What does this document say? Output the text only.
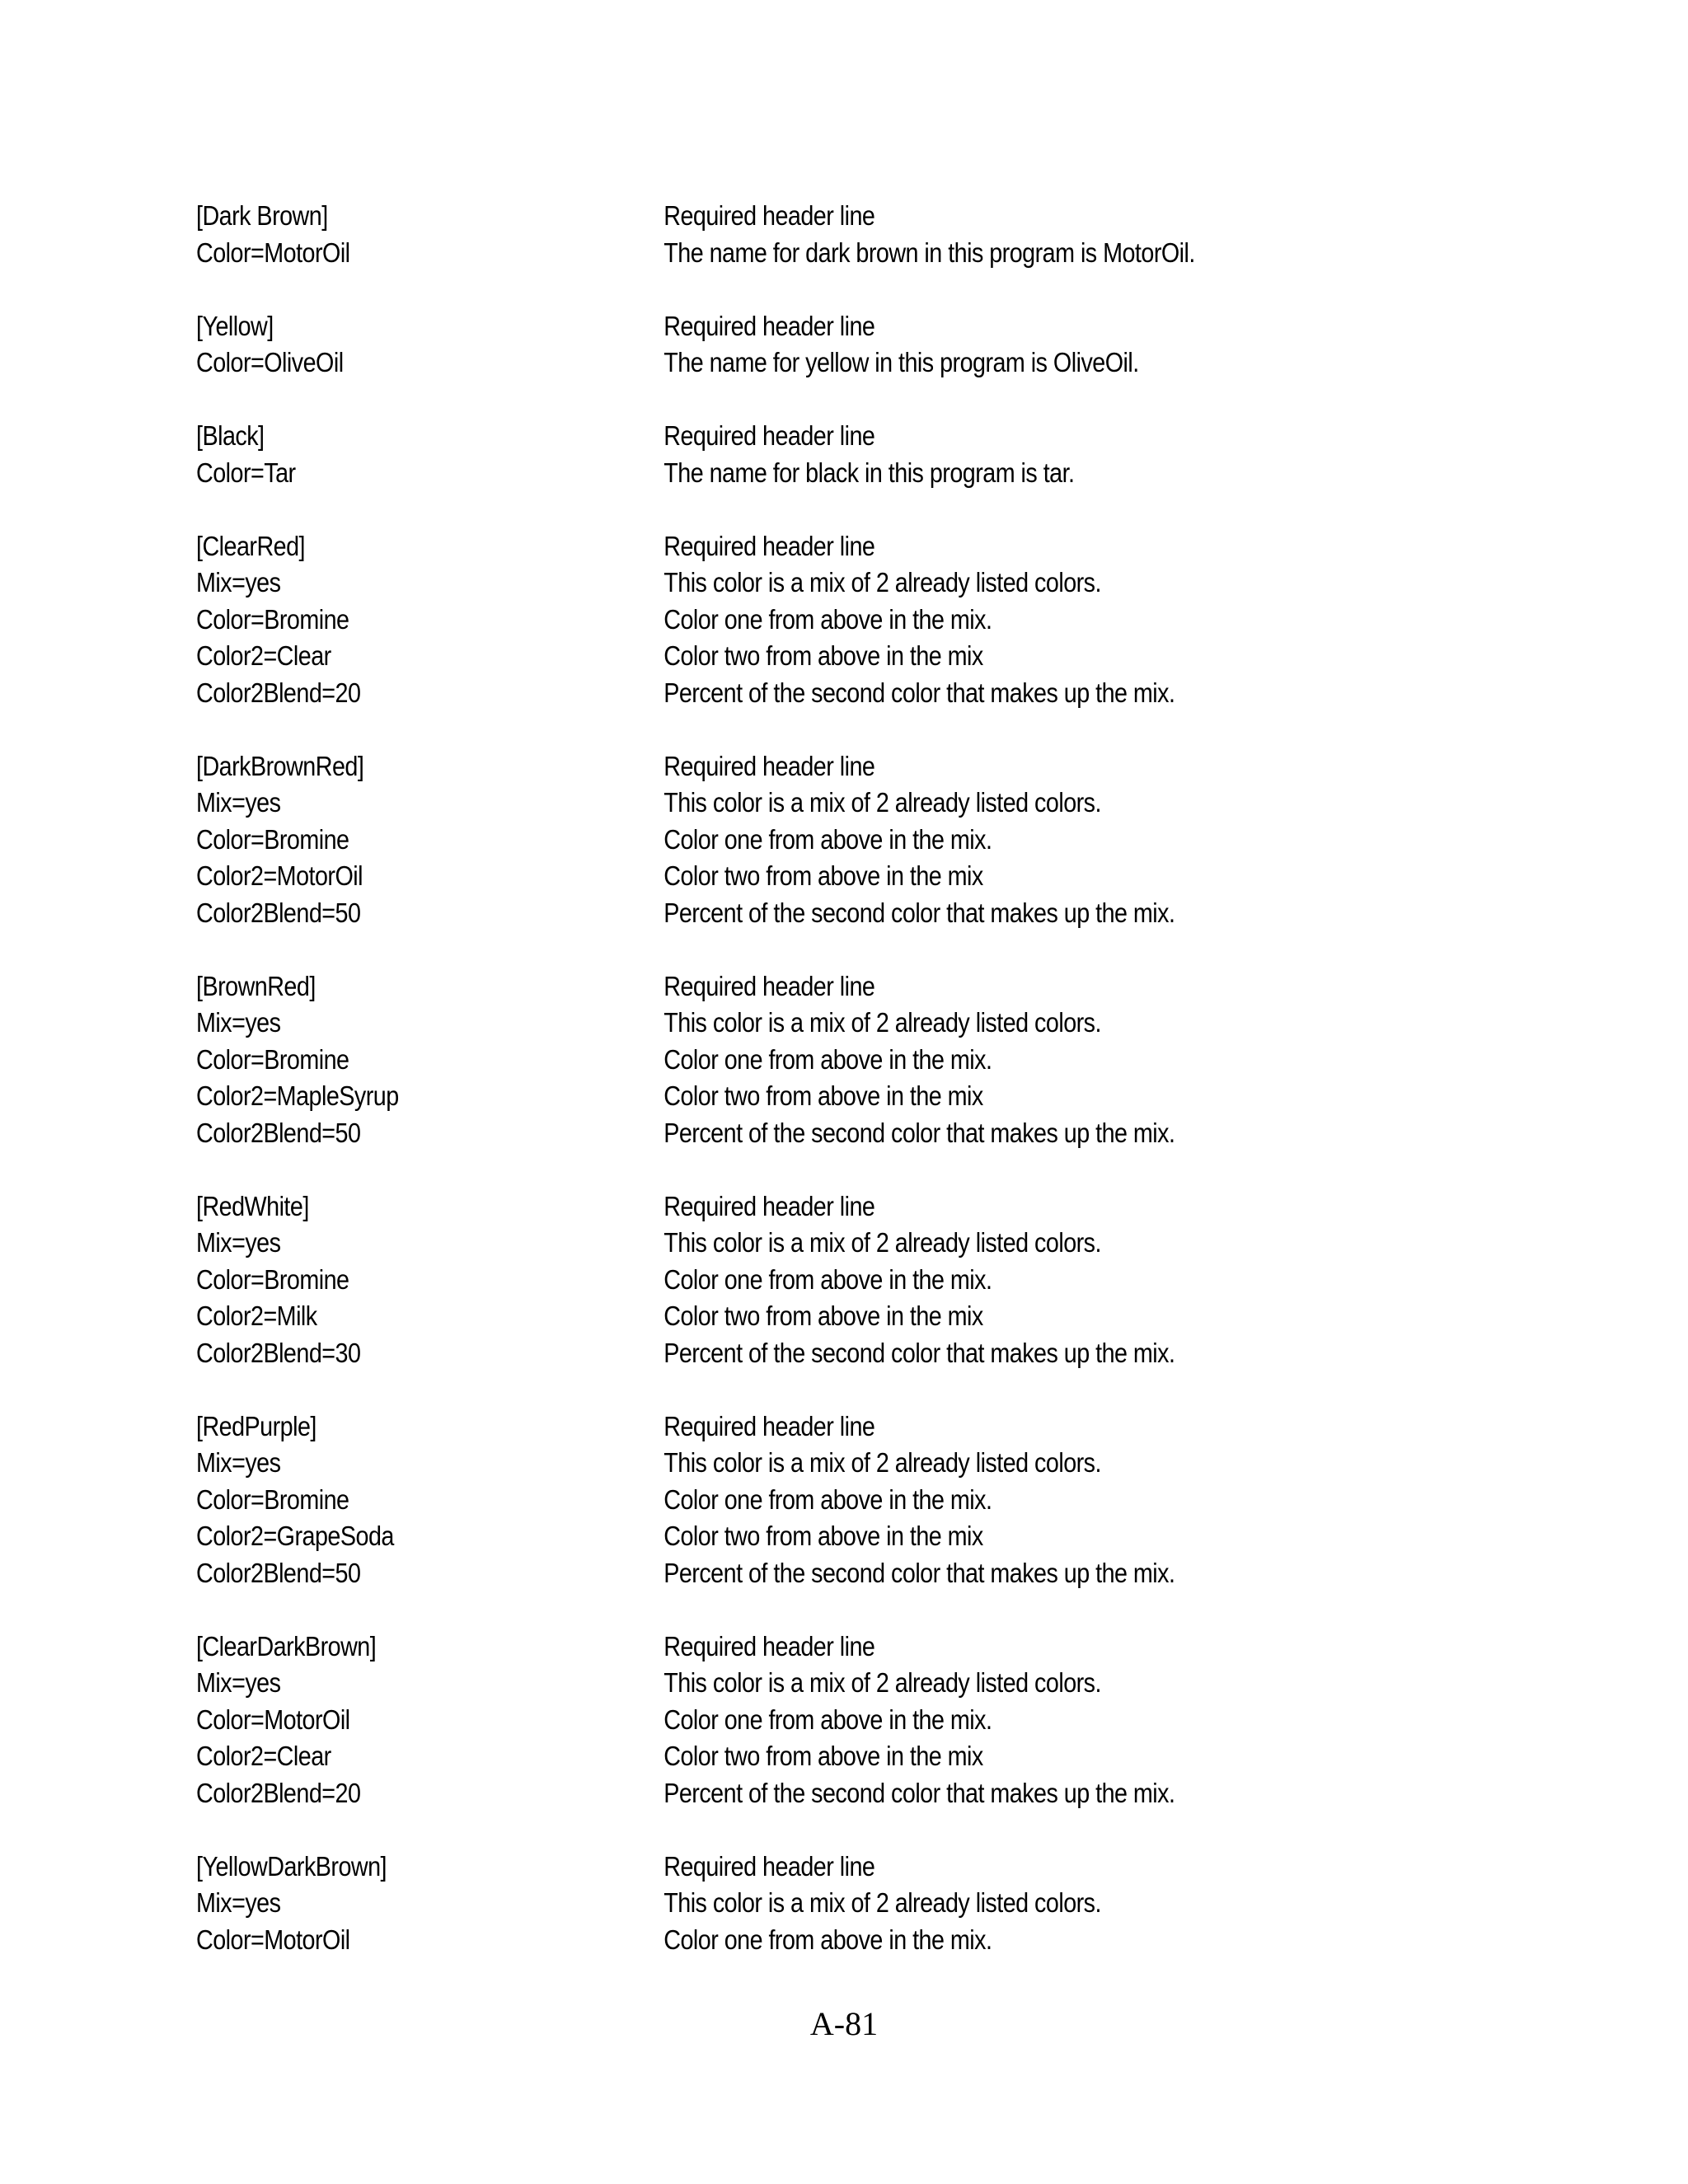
[Dark Brown]	Required header line
Color=MotorOil	The name for dark brown in this program is MotorOil.
[Yellow]	Required header line
Color=OliveOil	The name for yellow in this program is OliveOil.
[Black]	Required header line
Color=Tar	The name for black in this program is tar.
[ClearRed]	Required header line
Mix=yes	This color is a mix of 2 already listed colors.
Color=Bromine	Color one from above in the mix.
Color2=Clear	Color two from above in the mix
Color2Blend=20	Percent of the second color that makes up the mix.
[DarkBrownRed]	Required header line
Mix=yes	This color is a mix of 2 already listed colors.
Color=Bromine	Color one from above in the mix.
Color2=MotorOil	Color two from above in the mix
Color2Blend=50	Percent of the second color that makes up the mix.
[BrownRed]	Required header line
Mix=yes	This color is a mix of 2 already listed colors.
Color=Bromine	Color one from above in the mix.
Color2=MapleSyrup	Color two from above in the mix
Color2Blend=50	Percent of the second color that makes up the mix.
[RedWhite]	Required header line
Mix=yes	This color is a mix of 2 already listed colors.
Color=Bromine	Color one from above in the mix.
Color2=Milk	Color two from above in the mix
Color2Blend=30	Percent of the second color that makes up the mix.
[RedPurple]	Required header line
Mix=yes	This color is a mix of 2 already listed colors.
Color=Bromine	Color one from above in the mix.
Color2=GrapeSoda	Color two from above in the mix
Color2Blend=50	Percent of the second color that makes up the mix.
[ClearDarkBrown]	Required header line
Mix=yes	This color is a mix of 2 already listed colors.
Color=MotorOil	Color one from above in the mix.
Color2=Clear	Color two from above in the mix
Color2Blend=20	Percent of the second color that makes up the mix.
[YellowDarkBrown]	Required header line
Mix=yes	This color is a mix of 2 already listed colors.
Color=MotorOil	Color one from above in the mix.
A-81
